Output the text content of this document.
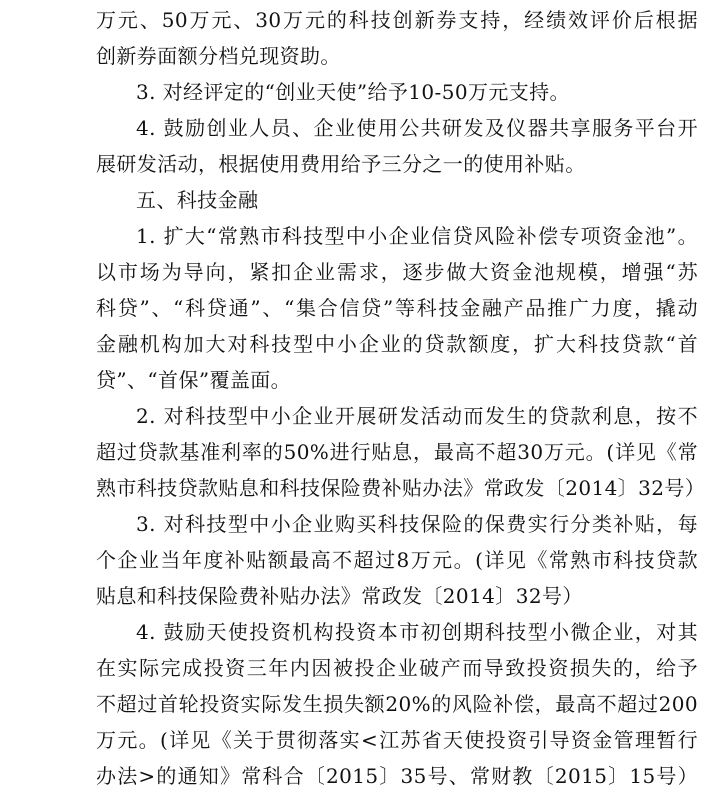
万元、50万元、30万元的科技创新券支持，经绩效评价后根据

创新券面额分档兑现资助。

3. 对经评定的“创业天使”给予10-50万元支持。

4. 鼓励创业人员、企业使用公共研发及仪器共享服务平台开

展研发活动，根据使用费用给予三分之一的使用补贴。

五、科技金融

1. 扩大“常熟市科技型中小企业信贷风险补偿专项资金池”。

以市场为导向，紧扣企业需求，逐步做大资金池规模，增强“苏

科贷”、“科贷通”、“集合信贷”等科技金融产品推广力度，撬动

金融机构加大对科技型中小企业的贷款额度，扩大科技贷款“首

贷”、“首保”覆盖面。

2. 对科技型中小企业开展研发活动而发生的贷款利息，按不

超过贷款基准利率的50%进行贴息，最高不超30万元。(详见《常

熟市科技贷款贴息和科技保险费补贴办法》常政发〔2014〕32号）

3. 对科技型中小企业购买科技保险的保费实行分类补贴，每

个企业当年度补贴额最高不超过8万元。(详见《常熟市科技贷款

贴息和科技保险费补贴办法》常政发〔2014〕32号）

4. 鼓励天使投资机构投资本市初创期科技型小微企业，对其

在实际完成投资三年内因被投企业破产而导致投资损失的，给予

不超过首轮投资实际发生损失额20%的风险补偿，最高不超过200

万元。(详见《关于贯彻落实<江苏省天使投资引导资金管理暂行

办法>的通知》常科合〔2015〕35号、常财教〔2015〕15号）
